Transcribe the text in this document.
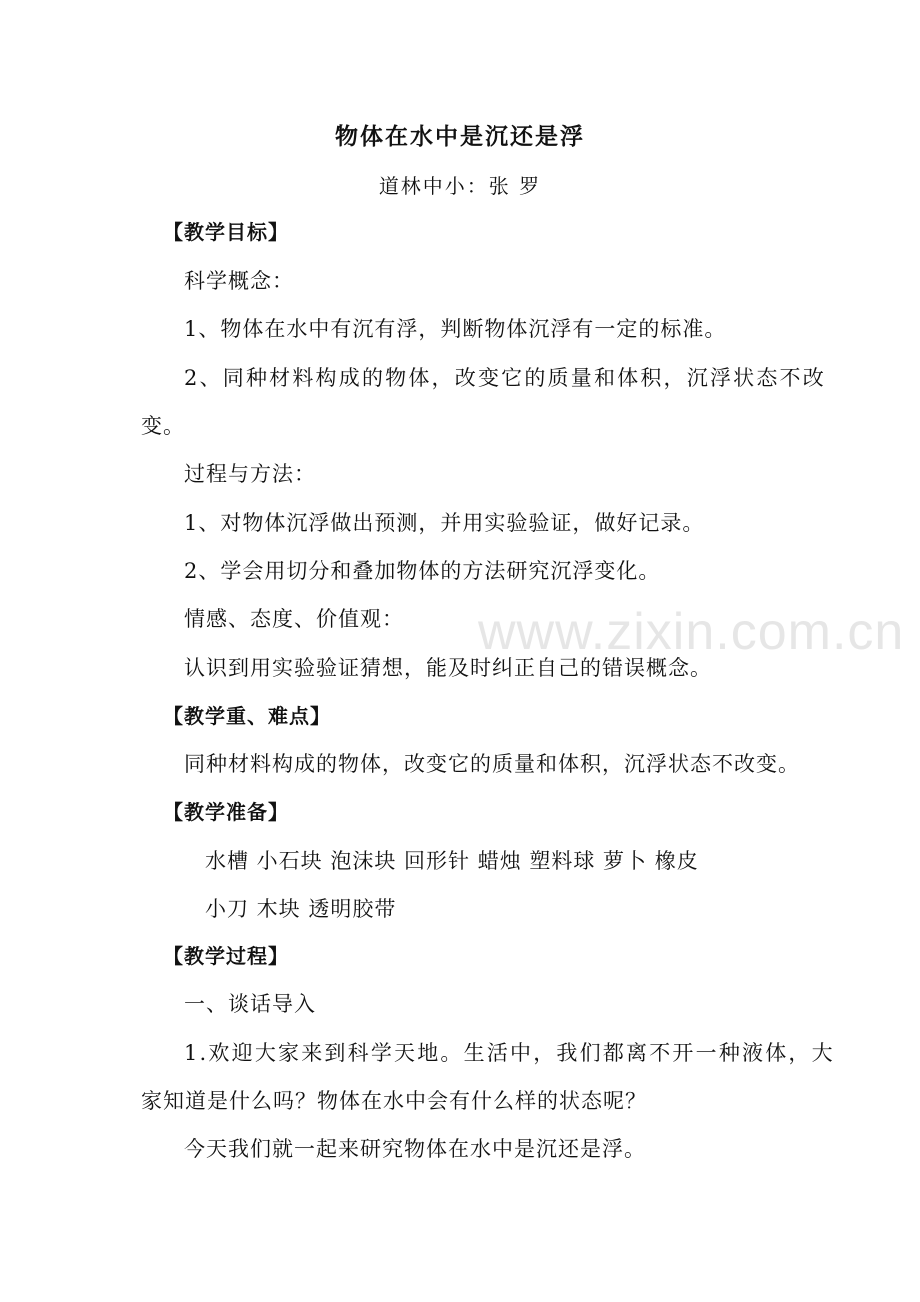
物体在水中是沉还是浮
道林中小：张 罗
【教学目标】
科学概念：
1、物体在水中有沉有浮，判断物体沉浮有一定的标准。
2、同种材料构成的物体，改变它的质量和体积，沉浮状态不改
变。
过程与方法：
1、对物体沉浮做出预测，并用实验验证，做好记录。
2、学会用切分和叠加物体的方法研究沉浮变化。
情感、态度、价值观：
认识到用实验验证猜想，能及时纠正自己的错误概念。
【教学重、难点】
同种材料构成的物体，改变它的质量和体积，沉浮状态不改变。
【教学准备】
水槽 小石块 泡沫块 回形针 蜡烛 塑料球 萝卜 橡皮
小刀 木块 透明胶带
【教学过程】
一、谈话导入
1.欢迎大家来到科学天地。生活中，我们都离不开一种液体，大
家知道是什么吗？物体在水中会有什么样的状态呢？
今天我们就一起来研究物体在水中是沉还是浮。
www.zixin.com.cn
